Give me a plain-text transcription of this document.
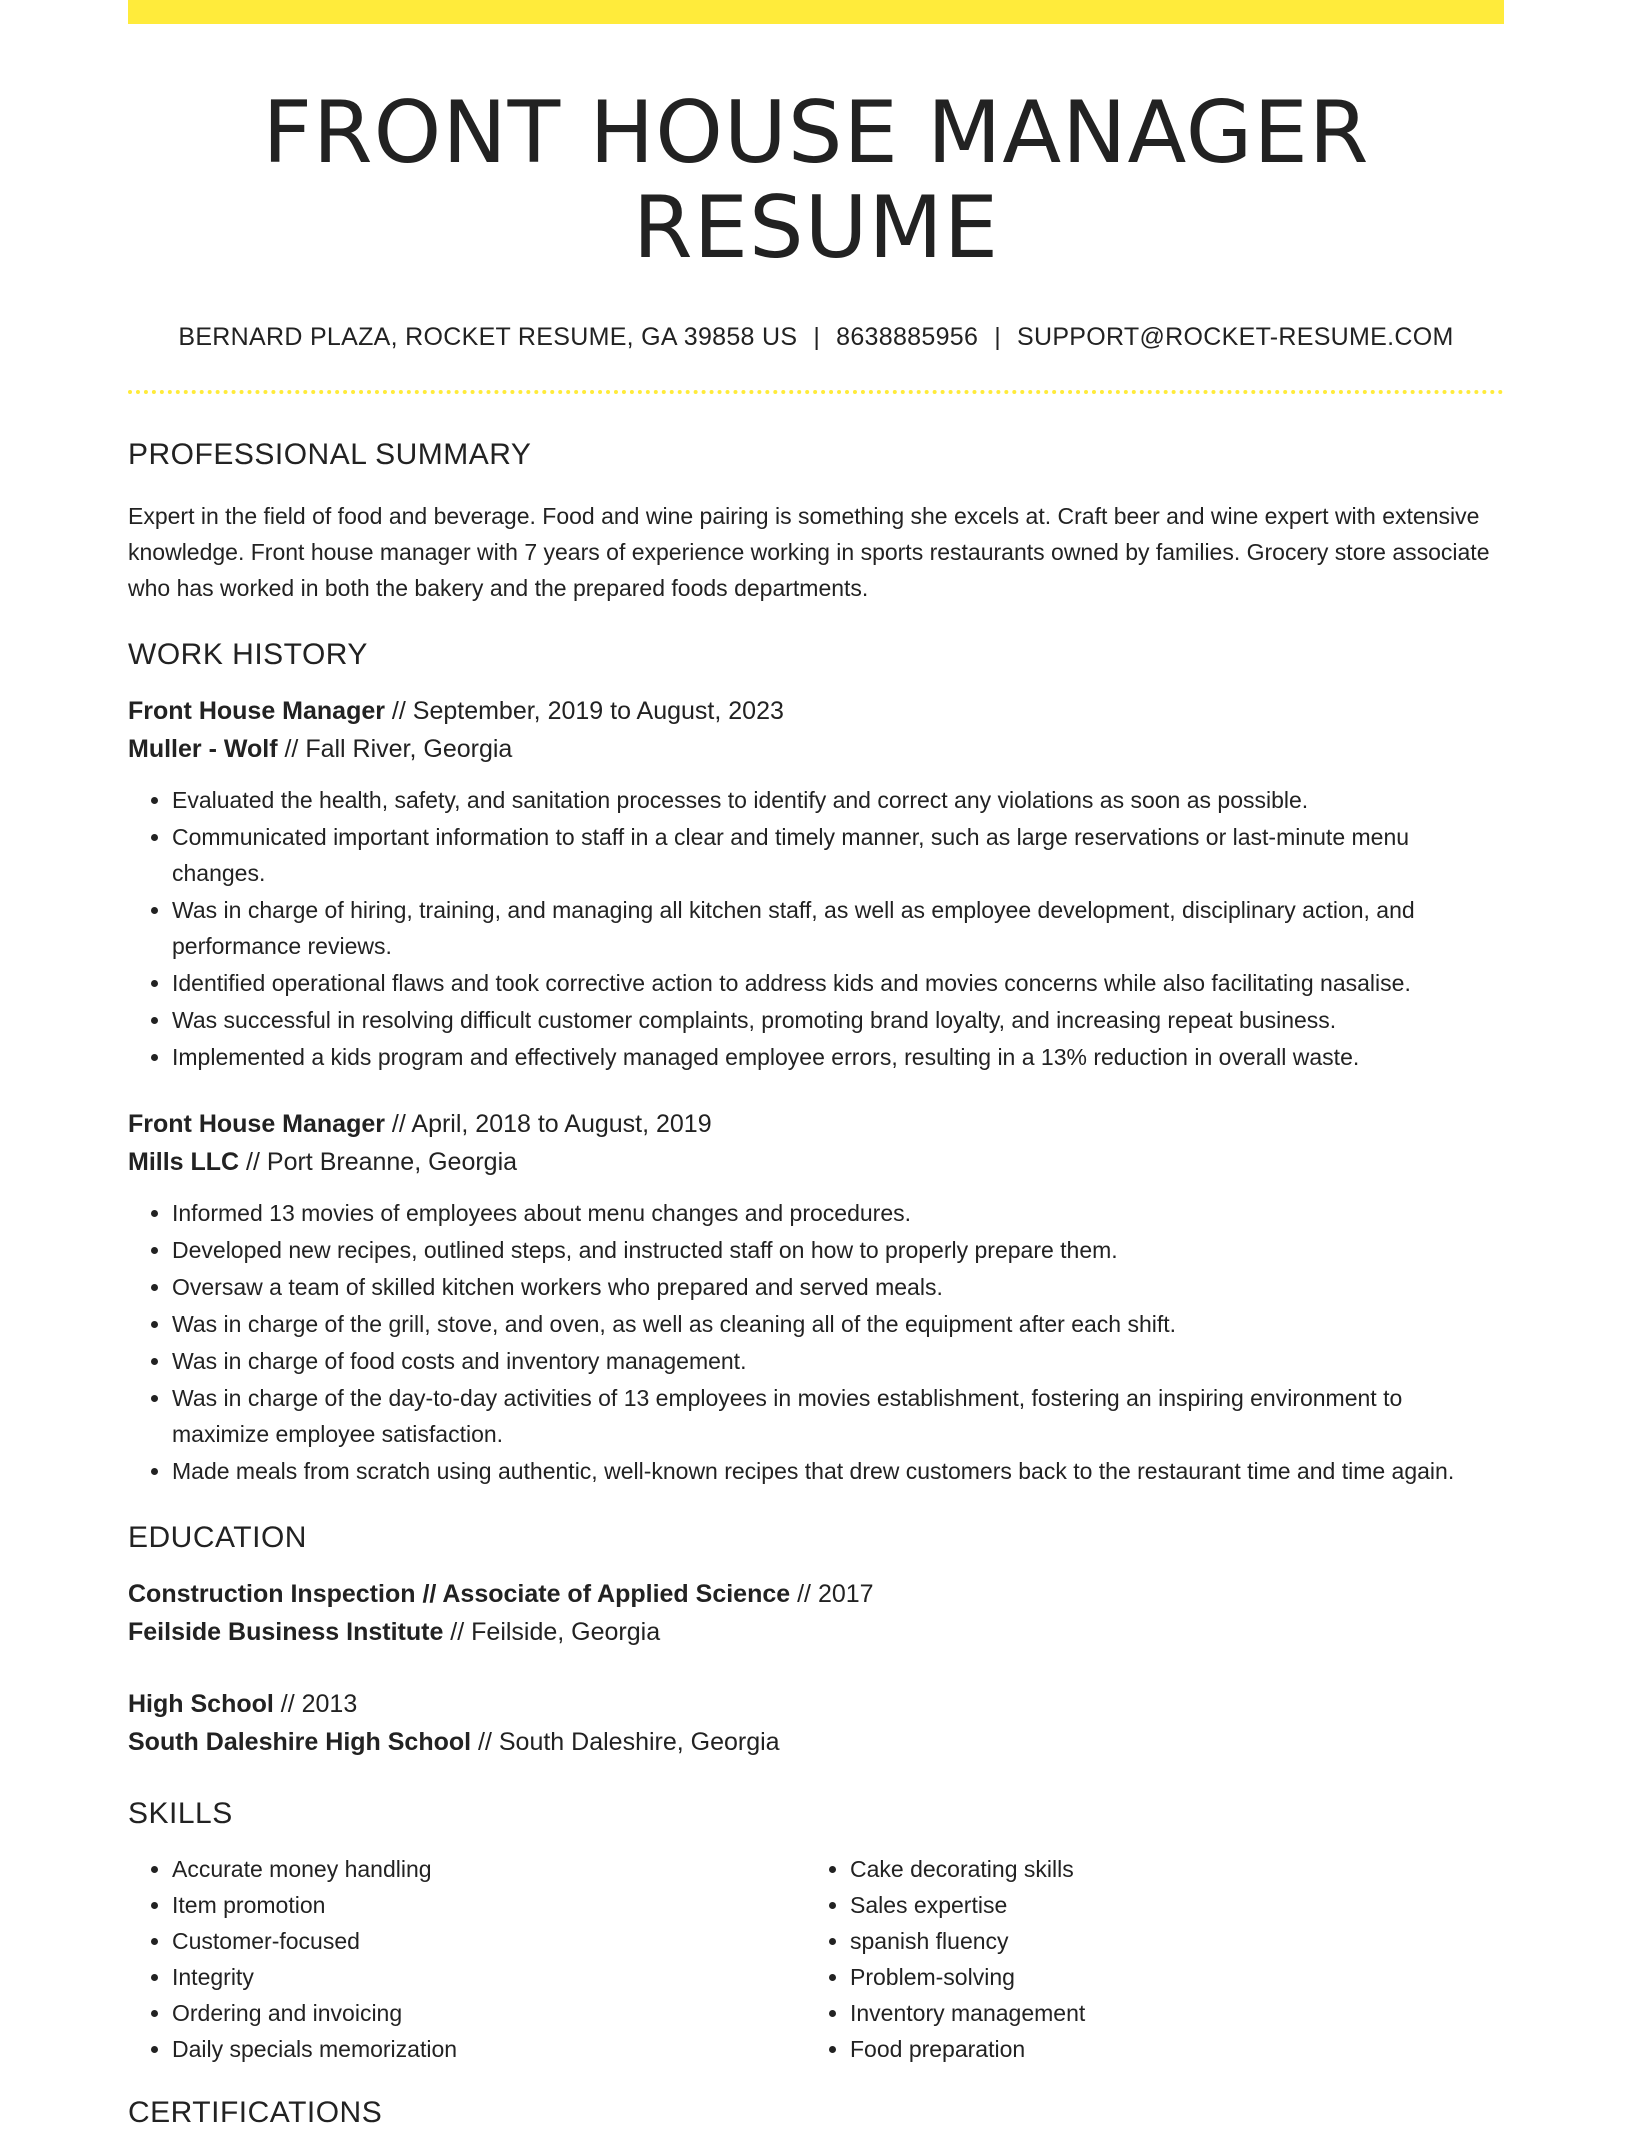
FRONT HOUSE MANAGER RESUME
BERNARD PLAZA, ROCKET RESUME, GA 39858 US | 8638885956 | SUPPORT@ROCKET-RESUME.COM
PROFESSIONAL SUMMARY
Expert in the field of food and beverage. Food and wine pairing is something she excels at. Craft beer and wine expert with extensive knowledge. Front house manager with 7 years of experience working in sports restaurants owned by families. Grocery store associate who has worked in both the bakery and the prepared foods departments.
WORK HISTORY
Front House Manager // September, 2019 to August, 2023
Muller - Wolf // Fall River, Georgia
• Evaluated the health, safety, and sanitation processes to identify and correct any violations as soon as possible.
• Communicated important information to staff in a clear and timely manner, such as large reservations or last-minute menu changes.
• Was in charge of hiring, training, and managing all kitchen staff, as well as employee development, disciplinary action, and performance reviews.
• Identified operational flaws and took corrective action to address kids and movies concerns while also facilitating nasalise.
• Was successful in resolving difficult customer complaints, promoting brand loyalty, and increasing repeat business.
• Implemented a kids program and effectively managed employee errors, resulting in a 13% reduction in overall waste.
Front House Manager // April, 2018 to August, 2019
Mills LLC // Port Breanne, Georgia
• Informed 13 movies of employees about menu changes and procedures.
• Developed new recipes, outlined steps, and instructed staff on how to properly prepare them.
• Oversaw a team of skilled kitchen workers who prepared and served meals.
• Was in charge of the grill, stove, and oven, as well as cleaning all of the equipment after each shift.
• Was in charge of food costs and inventory management.
• Was in charge of the day-to-day activities of 13 employees in movies establishment, fostering an inspiring environment to maximize employee satisfaction.
• Made meals from scratch using authentic, well-known recipes that drew customers back to the restaurant time and time again.
EDUCATION
Construction Inspection // Associate of Applied Science // 2017
Feilside Business Institute // Feilside, Georgia
High School // 2013
South Daleshire High School // South Daleshire, Georgia
SKILLS
• Accurate money handling
• Item promotion
• Customer-focused
• Integrity
• Ordering and invoicing
• Daily specials memorization
• Cake decorating skills
• Sales expertise
• spanish fluency
• Problem-solving
• Inventory management
• Food preparation
CERTIFICATIONS
